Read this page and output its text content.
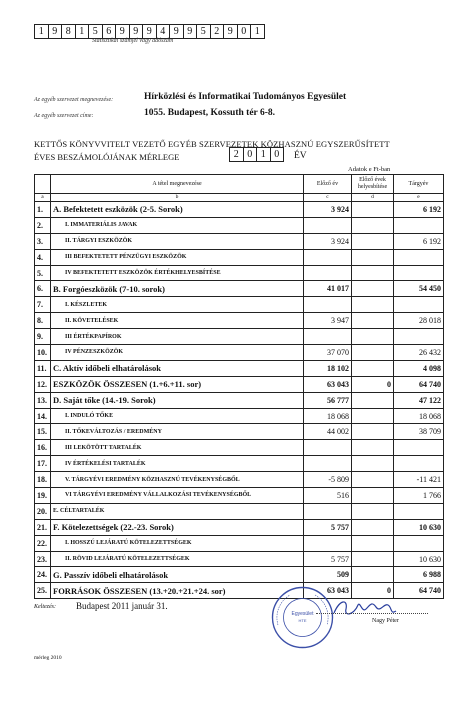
1 9 8 1 5 6 9 9 9 4 9 9 5 2 9 0 1
Statisztikai számjel vagy adószám
Az egyéb szervezet megnevezése:	Hírközlési és Informatikai Tudományos Egyesület
Az egyéb szervezet címe:	1055. Budapest, Kossuth tér 6-8.
KETTŐS KÖNYVVITELT VEZETŐ EGYÉB SZERVEZETEK KÖZHASZNÚ EGYSZERŰSÍTETT
ÉVES BESZÁMOLÓJÁNAK MÉRLEGE	2 0 1 0	ÉV
Adatok e Ft-ban
	A tétel megnevezése	Előző év	Előző évek helyesbítése	Tárgyév
a	b	c	d	e
1.	A. Befektetett eszközök (2-5. Sorok)	3 924		6 192
2.	I. IMMATERIÁLIS JAVAK			
3.	II. TÁRGYI ESZKÖZÖK	3 924		6 192
4.	III BEFEKTETETT PÉNZÜGYI ESZKÖZÖK			
5.	IV BEFEKTETETT ESZKÖZÖK ÉRTÉKHELYESBÍTÉSE			
6.	B. Forgóeszközök (7-10. sorok)	41 017		54 450
7.	I. KÉSZLETEK			
8.	II. KÖVETELÉSEK	3 947		28 018
9.	III ÉRTÉKPAPÍROK			
10.	IV PÉNZESZKÖZÖK	37 070		26 432
11.	C. Aktív időbeli elhatárolások	18 102		4 098
12.	ESZKÖZÖK ÖSSZESEN (1.+6.+11. sor)	63 043	0	64 740
13.	D. Saját tőke (14.-19. Sorok)	56 777		47 122
14.	I. INDULÓ TŐKE	18 068		18 068
15.	II. TŐKEVÁLTOZÁS / EREDMÉNY	44 002		38 709
16.	III LEKÖTÖTT TARTALÉK			
17.	IV ÉRTÉKELÉSI TARTALÉK			
18.	V. TÁRGYÉVI EREDMÉNY KÖZHASZNÚ TEVÉKENYSÉGBŐL	-5 809		-11 421
19.	VI TÁRGYÉVI EREDMÉNY VÁLLALKOZÁSI TEVÉKENYSÉGBŐL	516		1 766
20.	E. CÉLTARTALÉK			
21.	F. Kötelezettségek (22.-23. Sorok)	5 757		10 630
22.	I. HOSSZÚ LEJÁRATÚ KÖTELEZETTSÉGEK			
23.	II. RÖVID LEJÁRATÚ KÖTELEZETTSÉGEK	5 757		10 630
24.	G. Passzív időbeli elhatárolások	509		6 988
25.	FORRÁSOK ÖSSZESEN (13.+20.+21.+24. sor)	63 043	0	64 740
Keltezés: Budapest 2011 január 31.
Egyesület
HTE	Nagy Péter
mérleg 2010
